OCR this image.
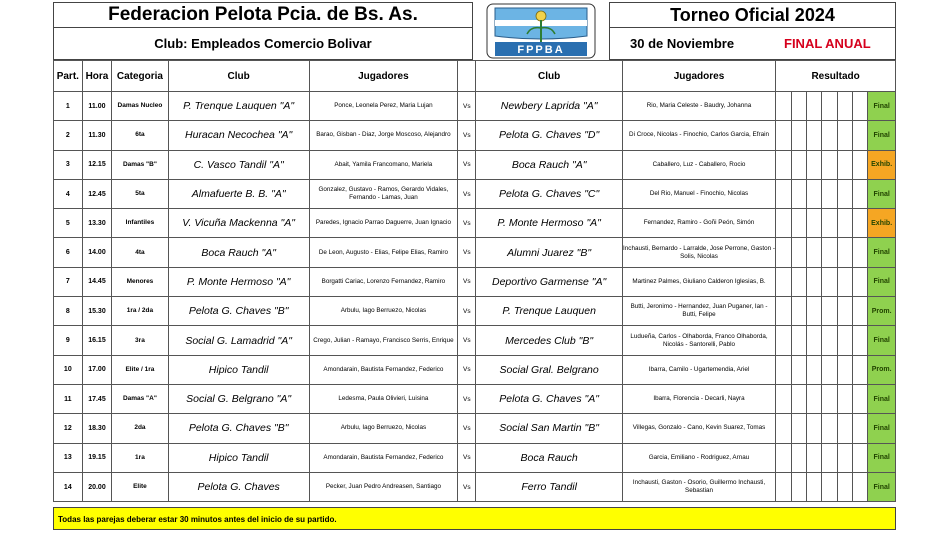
Federacion Pelota Pcia. de Bs. As.
FPPBA
Torneo Oficial 2024
Club: Empleados Comercio Bolivar	30 de Noviembre	FINAL ANUAL
Part.	Hora	Categoria	Club	Jugadores		Club	Jugadores	Resultado						
1	11.00	Damas Nucleo	P. Trenque Lauquen "A"	Ponce, Leonela Perez, Maria Lujan	Vs	Newbery Laprida "A"	Rio, Maria Celeste - Baudry, Johanna							Final
2	11.30	6ta	Huracan Necochea "A"	Barao, Gisban - Diaz, Jorge Moscoso, Alejandro	Vs	Pelota G. Chaves "D"	Di Croce, Nicolas - Finochio, Carlos Garcia, Efrain							Final
3	12.15	Damas "B"	C. Vasco Tandil "A"	Abait, Yamila Francomano, Mariela	Vs	Boca Rauch "A"	Caballero, Luz - Caballero, Rocio							Exhib.
4	12.45	5ta	Almafuerte B. B. "A"	Gonzalez, Gustavo - Ramos, Gerardo Vidales, Fernando - Lamas, Juan	Vs	Pelota G. Chaves "C"	Del Rio, Manuel - Finochio, Nicolas							Final
5	13.30	Infantiles	V. Vicuña Mackenna "A"	Paredes, Ignacio Parrao Daguerre, Juan Ignacio	Vs	P. Monte Hermoso "A"	Fernandez, Ramiro - Goñi Peón, Simón							Exhib.
6	14.00	4ta	Boca Rauch "A"	De Leon, Augusto - Elias, Felipe Elias, Ramiro	Vs	Alumni Juarez "B"	Inchausti, Bernardo - Larralde, Jose Perrone, Gaston - Solis, Nicolas							Final
7	14.45	Menores	P. Monte Hermoso "A"	Borgatti Cariac, Lorenzo Fernandez, Ramiro	Vs	Deportivo Garmense "A"	Martinez Palmes, Giuliano Calderon Iglesias, B.							Final
8	15.30	1ra / 2da	Pelota G. Chaves "B"	Arbulu, Iago Berruezo, Nicolas	Vs	P. Trenque Lauquen	Butti, Jeronimo - Hernandez, Juan Puganer, Ian - Butti, Felipe							Prom.
9	16.15	3ra	Social G. Lamadrid "A"	Crego, Julian - Ramayo, Francisco Serris, Enrique	Vs	Mercedes Club "B"	Ludueña, Carlos - Olhaborda, Franco Olhaborda, Nicolás - Santorelli, Pablo							Final
10	17.00	Elite / 1ra	Hipico Tandil	Amondarain, Bautista Fernandez, Federico	Vs	Social Gral. Belgrano	Ibarra, Camilo - Ugartemendia, Ariel							Prom.
11	17.45	Damas "A"	Social G. Belgrano "A"	Ledesma, Paula Olivieri, Luisina	Vs	Pelota G. Chaves "A"	Ibarra, Florencia - Decarli, Nayra							Final
12	18.30	2da	Pelota G. Chaves "B"	Arbulu, Iago Berruezo, Nicolas	Vs	Social San Martin "B"	Villegas, Gonzalo - Cano, Kevin Suarez, Tomas							Final
13	19.15	1ra	Hipico Tandil	Amondarain, Bautista Fernandez, Federico	Vs	Boca Rauch	Garcia, Emiliano - Rodriguez, Arnau							Final
14	20.00	Elite	Pelota G. Chaves	Pecker, Juan Pedro Andreasen, Santiago	Vs	Ferro Tandil	Inchausti, Gaston - Osorio, Guillermo Inchausti, Sebastian							Final
Todas las parejas deberar estar 30 minutos antes del inicio de su partido.
